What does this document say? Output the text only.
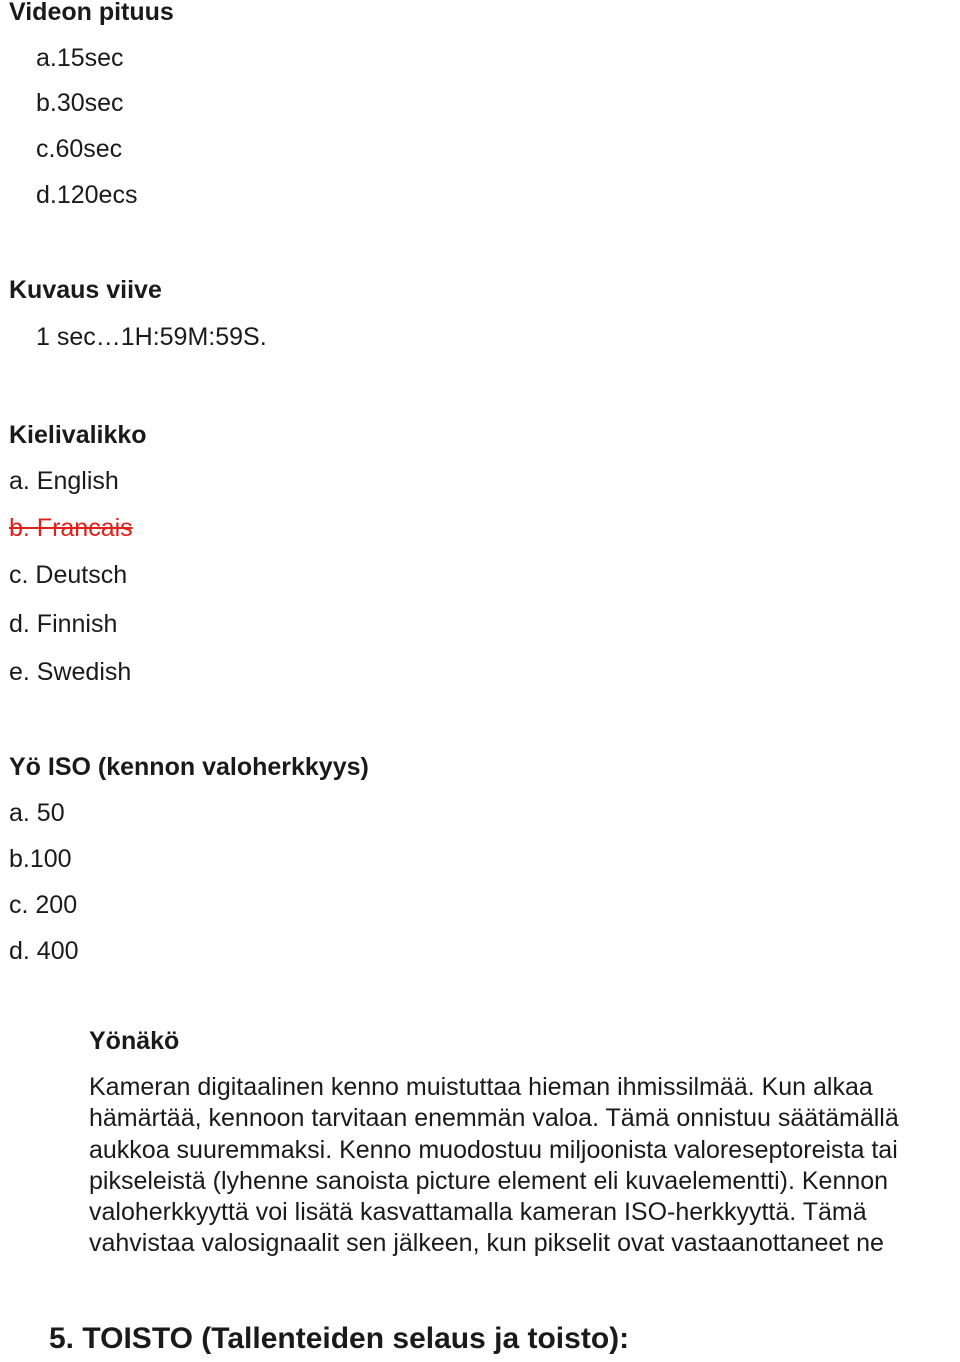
Videon pituus
a.15sec
b.30sec
c.60sec
d.120ecs
Kuvaus viive
1 sec…1H:59M:59S.
Kielivalikko
a. English
b. Francais
c. Deutsch
d. Finnish
e. Swedish
Yö ISO (kennon valoherkkyys)
a. 50
b.100
c. 200
d. 400
Yönäkö
Kameran digitaalinen kenno muistuttaa hieman ihmissilmää. Kun alkaa
hämärtää, kennoon tarvitaan enemmän valoa. Tämä onnistuu säätämällä
aukkoa suuremmaksi. Kenno muodostuu miljoonista valoreseptoreista tai
pikseleistä (lyhenne sanoista picture element eli kuvaelementti). Kennon
valoherkkyyttä voi lisätä kasvattamalla kameran ISO-herkkyyttä. Tämä
vahvistaa valosignaalit sen jälkeen, kun pikselit ovat vastaanottaneet ne
5. TOISTO (Tallenteiden selaus ja toisto):
